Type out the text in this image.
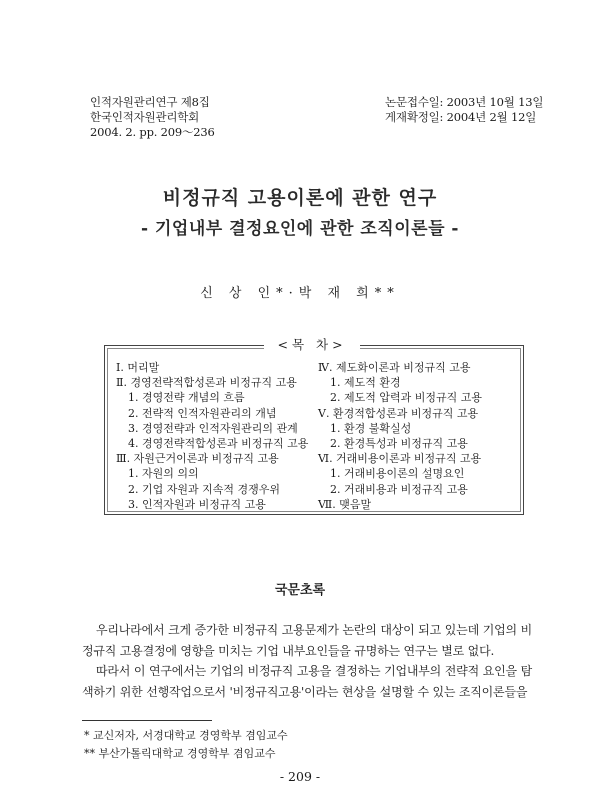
인적자원관리연구 제8집
한국인적자원관리학회
2004. 2. pp. 209～236
논문접수일: 2003년 10월 13일
게재확정일: 2004년 2월 12일
비정규직 고용이론에 관한 연구
- 기업내부 결정요인에 관한 조직이론들 -
신 상 인*·박 재 희**
<목 차>
Ⅰ. 머리말
Ⅱ. 경영전략적합성론과 비정규직 고용
1. 경영전략 개념의 흐름
2. 전략적 인적자원관리의 개념
3. 경영전략과 인적자원관리의 관계
4. 경영전략적합성론과 비정규직 고용
Ⅲ. 자원근거이론과 비정규직 고용
1. 자원의 의의
2. 기업 자원과 지속적 경쟁우위
3. 인적자원과 비정규직 고용
Ⅳ. 제도화이론과 비정규직 고용
1. 제도적 환경
2. 제도적 압력과 비정규직 고용
Ⅴ. 환경적합성론과 비정규직 고용
1. 환경 불확실성
2. 환경특성과 비정규직 고용
Ⅵ. 거래비용이론과 비정규직 고용
1. 거래비용이론의 설명요인
2. 거래비용과 비정규직 고용
Ⅶ. 맺음말
국문초록
우리나라에서 크게 증가한 비정규직 고용문제가 논란의 대상이 되고 있는데 기업의 비정규직 고용결정에 영향을 미치는 기업 내부요인들을 규명하는 연구는 별로 없다.
따라서 이 연구에서는 기업의 비정규직 고용을 결정하는 기업내부의 전략적 요인을 탐색하기 위한 선행작업으로서 '비정규직고용'이라는 현상을 설명할 수 있는 조직이론들을
* 교신저자, 서경대학교 경영학부 겸임교수
** 부산가톨릭대학교 경영학부 겸임교수
- 209 -
